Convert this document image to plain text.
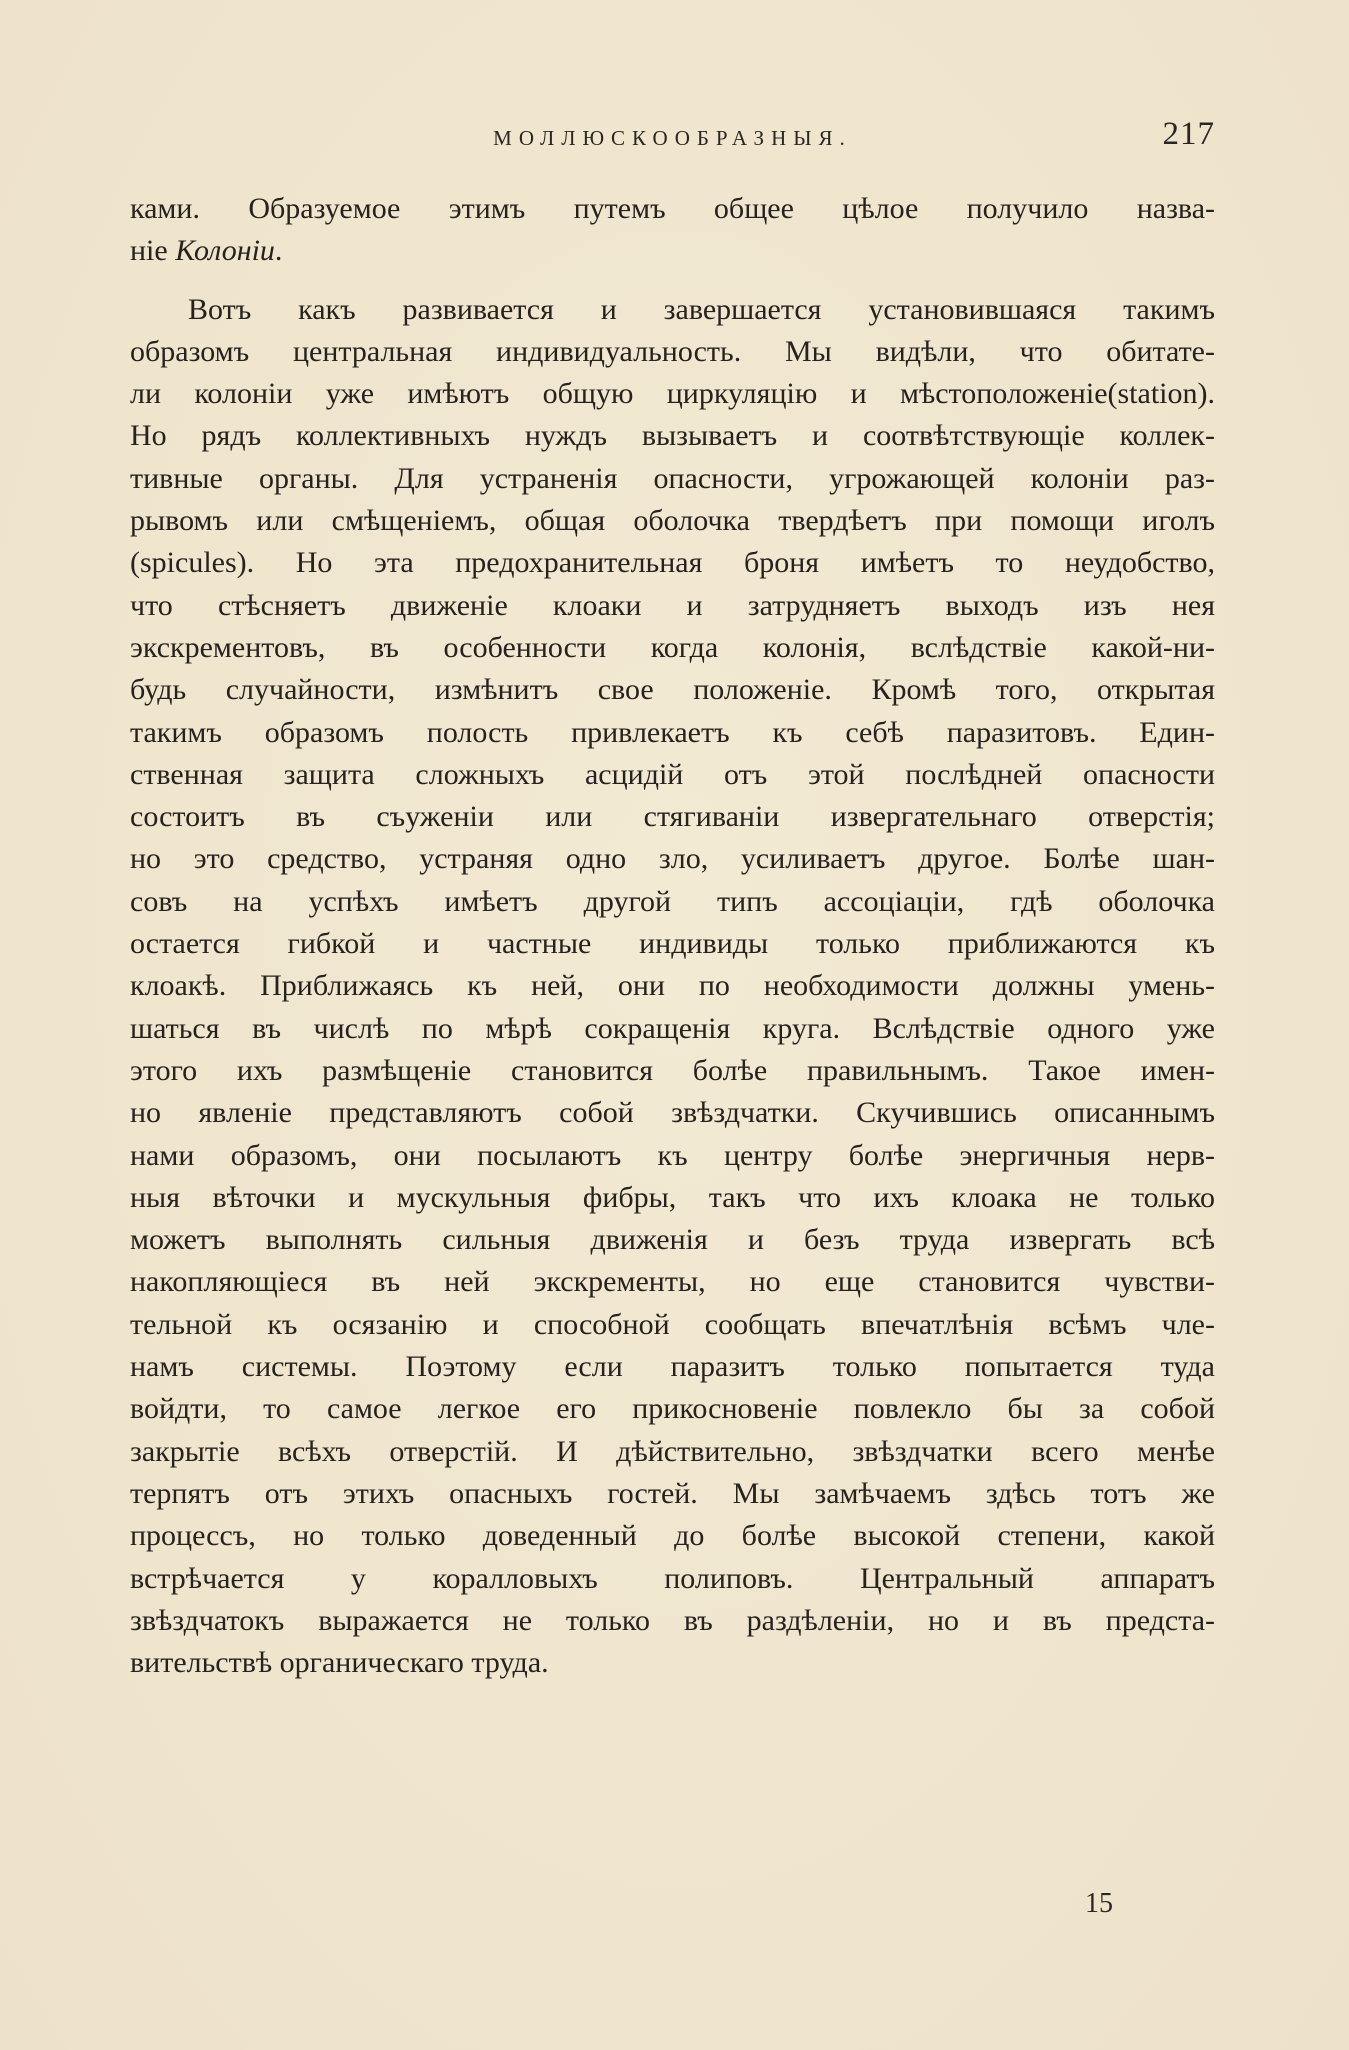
МОЛЛЮСКООБРАЗНЫЯ.	217
ками. Образуемое этимъ путемъ общее цѣлое получило назва-
ніе Колоніи.
Вотъ какъ развивается и завершается установившаяся такимъ
образомъ центральная индивидуальность. Мы видѣли, что обитате-
ли колоніи уже имѣютъ общую циркуляцію и мѣстоположеніе(station).
Но рядъ коллективныхъ нуждъ вызываетъ и соотвѣтствующіе коллек-
тивные органы. Для устраненія опасности, угрожающей колоніи раз-
рывомъ или смѣщеніемъ, общая оболочка твердѣетъ при помощи иголъ
(spicules). Но эта предохранительная броня имѣетъ то неудобство,
что стѣсняетъ движеніе клоаки и затрудняетъ выходъ изъ нея
экскрементовъ, въ особенности когда колонія, вслѣдствіе какой-ни-
будь случайности, измѣнитъ свое положеніе. Кромѣ того, открытая
такимъ образомъ полость привлекаетъ къ себѣ паразитовъ. Един-
ственная защита сложныхъ асцидій отъ этой послѣдней опасности
состоитъ въ съуженіи или стягиваніи извергательнаго отверстія;
но это средство, устраняя одно зло, усиливаетъ другое. Болѣе шан-
совъ на успѣхъ имѣетъ другой типъ ассоціаціи, гдѣ оболочка
остается гибкой и частные индивиды только приближаются къ
клоакѣ. Приближаясь къ ней, они по необходимости должны умень-
шаться въ числѣ по мѣрѣ сокращенія круга. Вслѣдствіе одного уже
этого ихъ размѣщеніе становится болѣе правильнымъ. Такое имен-
но явленіе представляютъ собой звѣздчатки. Скучившись описаннымъ
нами образомъ, они посылаютъ къ центру болѣе энергичныя нерв-
ныя вѣточки и мускульныя фибры, такъ что ихъ клоака не только
можетъ выполнять сильныя движенія и безъ труда извергать всѣ
накопляющіеся въ ней экскременты, но еще становится чувстви-
тельной къ осязанію и способной сообщать впечатлѣнія всѣмъ чле-
намъ системы. Поэтому если паразитъ только попытается туда
войдти, то самое легкое его прикосновеніе повлекло бы за собой
закрытіе всѣхъ отверстій. И дѣйствительно, звѣздчатки всего менѣе
терпятъ отъ этихъ опасныхъ гостей. Мы замѣчаемъ здѣсь тотъ же
процессъ, но только доведенный до болѣе высокой степени, какой
встрѣчается у коралловыхъ полиповъ. Центральный аппаратъ
звѣздчатокъ выражается не только въ раздѣленіи, но и въ предста-
вительствѣ органическаго труда.
15
